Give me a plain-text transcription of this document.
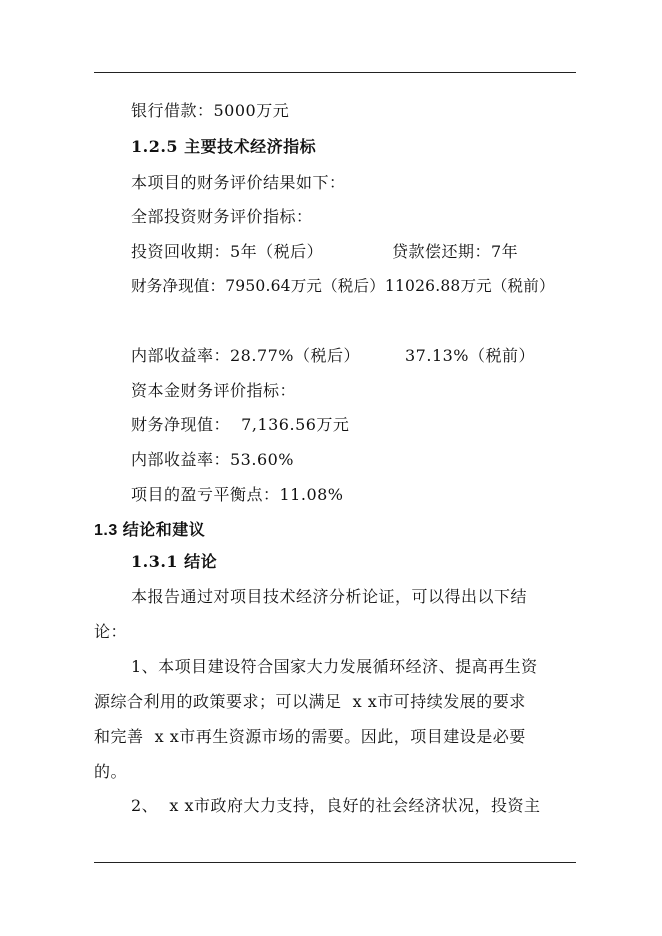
银行借款：5000万元
1.2.5 主要技术经济指标
本项目的财务评价结果如下：
全部投资财务评价指标：
投资回收期：5年（税后）	贷款偿还期：7年
财务净现值：7950.64万元（税后）11026.88万元（税前）
内部收益率：28.77%（税后）	37.13%（税前）
资本金财务评价指标：
财务净现值：  7,136.56万元
内部收益率：53.60%
项目的盈亏平衡点：11.08%
1.3 结论和建议
1.3.1 结论
本报告通过对项目技术经济分析论证，可以得出以下结
论：
1、本项目建设符合国家大力发展循环经济、提高再生资
源综合利用的政策要求；可以满足  x x市可持续发展的要求
和完善  x x市再生资源市场的需要。因此，项目建设是必要
的。
2、  x x市政府大力支持，良好的社会经济状况，投资主
